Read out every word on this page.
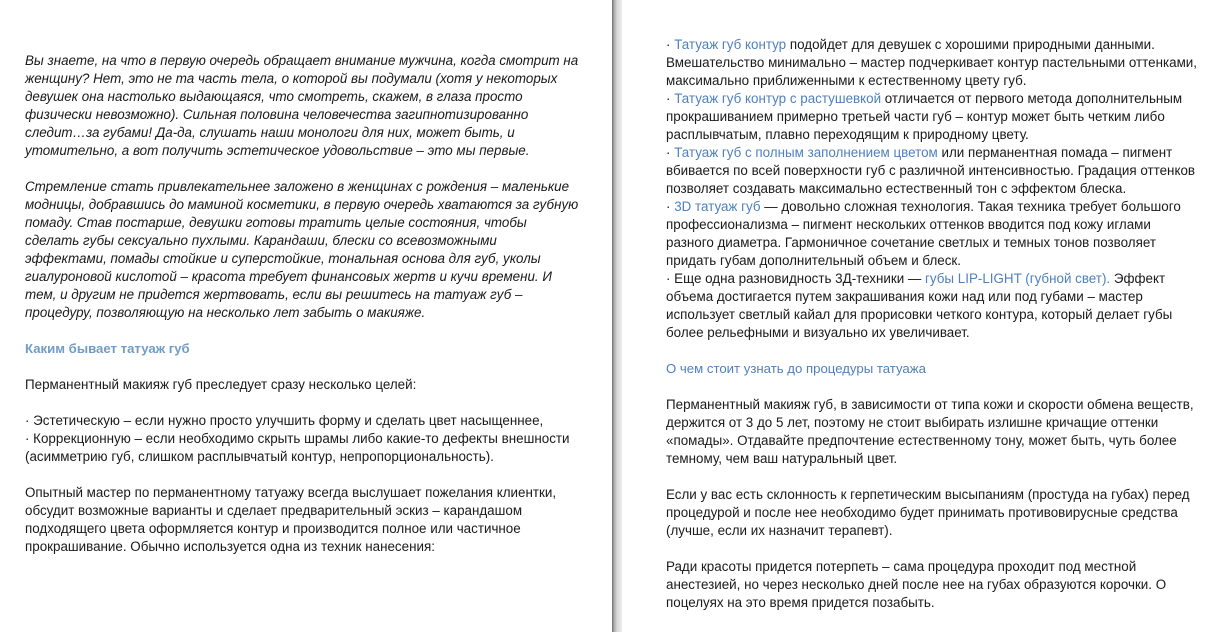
Вы знаете, на что в первую очередь обращает внимание мужчина, когда смотрит на женщину? Нет, это не та часть тела, о которой вы подумали (хотя у некоторых девушек она настолько выдающаяся, что смотреть, скажем, в глаза просто физически невозможно). Сильная половина человечества загипнотизированно следит…за губами! Да-да, слушать наши монологи для них, может быть, и утомительно, а вот получить эстетическое удовольствие – это мы первые.

Стремление стать привлекательнее заложено в женщинах с рождения – маленькие модницы, добравшись до маминой косметики, в первую очередь хватаются за губную помаду. Став постарше, девушки готовы тратить целые состояния, чтобы сделать губы сексуально пухлыми. Карандаши, блески со всевозможными эффектами, помады стойкие и суперстойкие, тональная основа для губ, уколы гиалуроновой кислотой – красота требует финансовых жертв и кучи времени. И тем, и другим не придется жертвовать, если вы решитесь на татуаж губ – процедуру, позволяющую на несколько лет забыть о макияже.

Каким бывает татуаж губ

Перманентный макияж губ преследует сразу несколько целей:

· Эстетическую – если нужно просто улучшить форму и сделать цвет насыщеннее,

· Коррекционную – если необходимо скрыть шрамы либо какие-то дефекты внешности (асимметрию губ, слишком расплывчатый контур, непропорциональность).

Опытный мастер по перманентному татуажу всегда выслушает пожелания клиентки, обсудит возможные варианты и сделает предварительный эскиз – карандашом подходящего цвета оформляется контур и производится полное или частичное прокрашивание. Обычно используется одна из техник нанесения:

· Татуаж губ контур подойдет для девушек с хорошими природными данными. Вмешательство минимально – мастер подчеркивает контур пастельными оттенками, максимально приближенными к естественному цвету губ.

· Татуаж губ контур с растушевкой отличается от первого метода дополнительным прокрашиванием примерно третьей части губ – контур может быть четким либо расплывчатым, плавно переходящим к природному цвету.

· Татуаж губ с полным заполнением цветом или перманентная помада – пигмент вбивается по всей поверхности губ с различной интенсивностью. Градация оттенков позволяет создавать максимально естественный тон с эффектом блеска.

· 3D татуаж губ — довольно сложная технология. Такая техника требует большого профессионализма – пигмент нескольких оттенков вводится под кожу иглами разного диаметра. Гармоничное сочетание светлых и темных тонов позволяет придать губам дополнительный объем и блеск.

· Еще одна разновидность 3Д-техники — губы LIP-LIGHT (губной свет). Эффект объема достигается путем закрашивания кожи над или под губами – мастер использует светлый кайал для прорисовки четкого контура, который делает губы более рельефными и визуально их увеличивает.

О чем стоит узнать до процедуры татуажа

Перманентный макияж губ, в зависимости от типа кожи и скорости обмена веществ, держится от 3 до 5 лет, поэтому не стоит выбирать излишне кричащие оттенки «помады». Отдавайте предпочтение естественному тону, может быть, чуть более темному, чем ваш натуральный цвет.

Если у вас есть склонность к герпетическим высыпаниям (простуда на губах) перед процедурой и после нее необходимо будет принимать противовирусные средства (лучше, если их назначит терапевт).

Ради красоты придется потерпеть – сама процедура проходит под местной анестезией, но через несколько дней после нее на губах образуются корочки. О поцелуях на это время придется позабыть.
